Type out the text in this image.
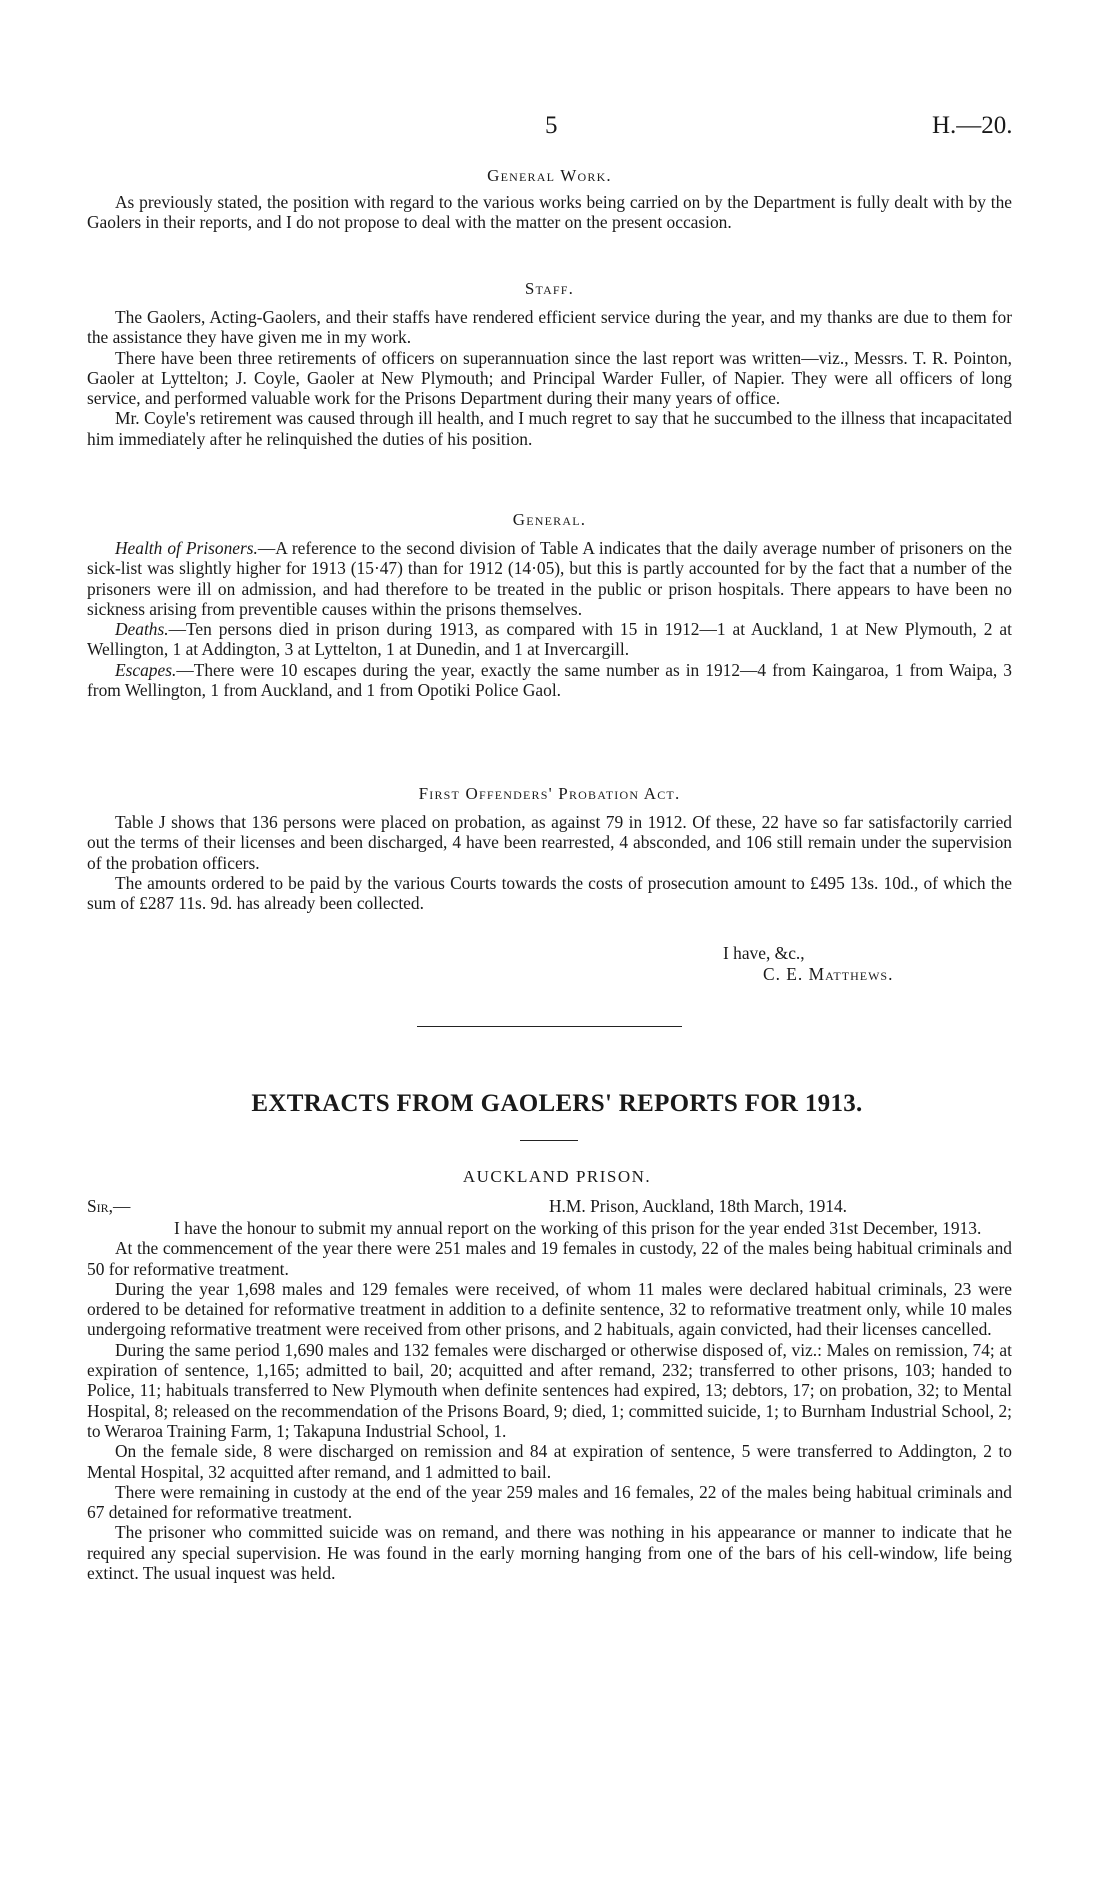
5	H.—20.
General Work.

As previously stated, the position with regard to the various works being carried on by the Department is fully dealt with by the Gaolers in their reports, and I do not propose to deal with the matter on the present occasion.

Staff.

The Gaolers, Acting-Gaolers, and their staffs have rendered efficient service during the year, and my thanks are due to them for the assistance they have given me in my work.

There have been three retirements of officers on superannuation since the last report was written—viz., Messrs. T. R. Pointon, Gaoler at Lyttelton; J. Coyle, Gaoler at New Plymouth; and Principal Warder Fuller, of Napier. They were all officers of long service, and performed valuable work for the Prisons Department during their many years of office.

Mr. Coyle's retirement was caused through ill health, and I much regret to say that he succumbed to the illness that incapacitated him immediately after he relinquished the duties of his position.

General.

Health of Prisoners.—A reference to the second division of Table A indicates that the daily average number of prisoners on the sick-list was slightly higher for 1913 (15·47) than for 1912 (14·05), but this is partly accounted for by the fact that a number of the prisoners were ill on admission, and had therefore to be treated in the public or prison hospitals. There appears to have been no sickness arising from preventible causes within the prisons themselves.

Deaths.—Ten persons died in prison during 1913, as compared with 15 in 1912—1 at Auckland, 1 at New Plymouth, 2 at Wellington, 1 at Addington, 3 at Lyttelton, 1 at Dunedin, and 1 at Invercargill.

Escapes.—There were 10 escapes during the year, exactly the same number as in 1912—4 from Kaingaroa, 1 from Waipa, 3 from Wellington, 1 from Auckland, and 1 from Opotiki Police Gaol.

First Offenders' Probation Act.

Table J shows that 136 persons were placed on probation, as against 79 in 1912. Of these, 22 have so far satisfactorily carried out the terms of their licenses and been discharged, 4 have been rearrested, 4 absconded, and 106 still remain under the supervision of the probation officers.

The amounts ordered to be paid by the various Courts towards the costs of prosecution amount to £495 13s. 10d., of which the sum of £287 11s. 9d. has already been collected.

I have, &c.,
C. E. Matthews.
EXTRACTS FROM GAOLERS' REPORTS FOR 1913.
AUCKLAND PRISON.
Sir,—	H.M. Prison, Auckland, 18th March, 1914.

I have the honour to submit my annual report on the working of this prison for the year ended 31st December, 1913.

At the commencement of the year there were 251 males and 19 females in custody, 22 of the males being habitual criminals and 50 for reformative treatment.

During the year 1,698 males and 129 females were received, of whom 11 males were declared habitual criminals, 23 were ordered to be detained for reformative treatment in addition to a definite sentence, 32 to reformative treatment only, while 10 males undergoing reformative treatment were received from other prisons, and 2 habituals, again convicted, had their licenses cancelled.

During the same period 1,690 males and 132 females were discharged or otherwise disposed of, viz.: Males on remission, 74; at expiration of sentence, 1,165; admitted to bail, 20; acquitted and after remand, 232; transferred to other prisons, 103; handed to Police, 11; habituals transferred to New Plymouth when definite sentences had expired, 13; debtors, 17; on probation, 32; to Mental Hospital, 8; released on the recommendation of the Prisons Board, 9; died, 1; committed suicide, 1; to Burnham Industrial School, 2; to Weraroa Training Farm, 1; Takapuna Industrial School, 1.

On the female side, 8 were discharged on remission and 84 at expiration of sentence, 5 were transferred to Addington, 2 to Mental Hospital, 32 acquitted after remand, and 1 admitted to bail.

There were remaining in custody at the end of the year 259 males and 16 females, 22 of the males being habitual criminals and 67 detained for reformative treatment.

The prisoner who committed suicide was on remand, and there was nothing in his appearance or manner to indicate that he required any special supervision. He was found in the early morning hanging from one of the bars of his cell-window, life being extinct. The usual inquest was held.
